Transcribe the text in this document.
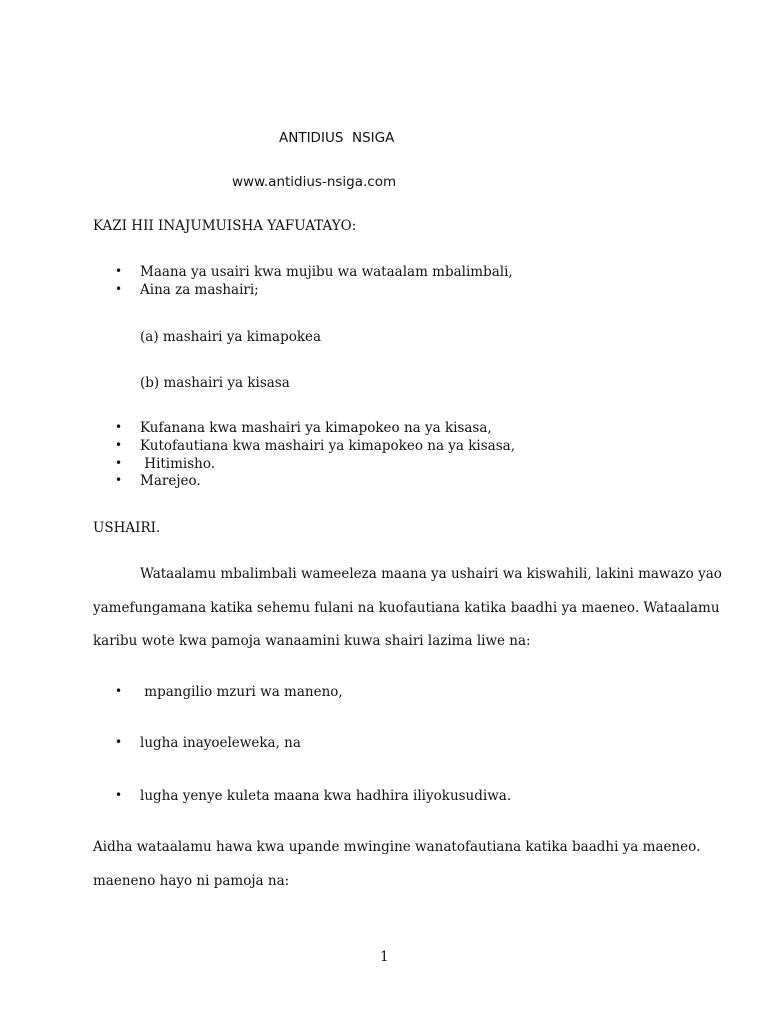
ANTIDIUS  NSIGA
www.antidius-nsiga.com
KAZI HII INAJUMUISHA YAFUATAYO:
• Maana ya usairi kwa mujibu wa wataalam mbalimbali,
• Aina za mashairi;
(a) mashairi ya kimapokea
(b) mashairi ya kisasa
• Kufanana kwa mashairi ya kimapokeo na ya kisasa,
• Kutofautiana kwa mashairi ya kimapokeo na ya kisasa,
• Hitimisho.
• Marejeo.
USHAIRI.
Wataalamu mbalimbali wameeleza maana ya ushairi wa kiswahili, lakini mawazo yao
yamefungamana katika sehemu fulani na kuofautiana katika baadhi ya maeneo. Wataalamu
karibu wote kwa pamoja wanaamini kuwa shairi lazima liwe na:
• mpangilio mzuri wa maneno,
• lugha inayoeleweka, na
• lugha yenye kuleta maana kwa hadhira iliyokusudiwa.
Aidha wataalamu hawa kwa upande mwingine wanatofautiana katika baadhi ya maeneo.
maeneno hayo ni pamoja na:
1
